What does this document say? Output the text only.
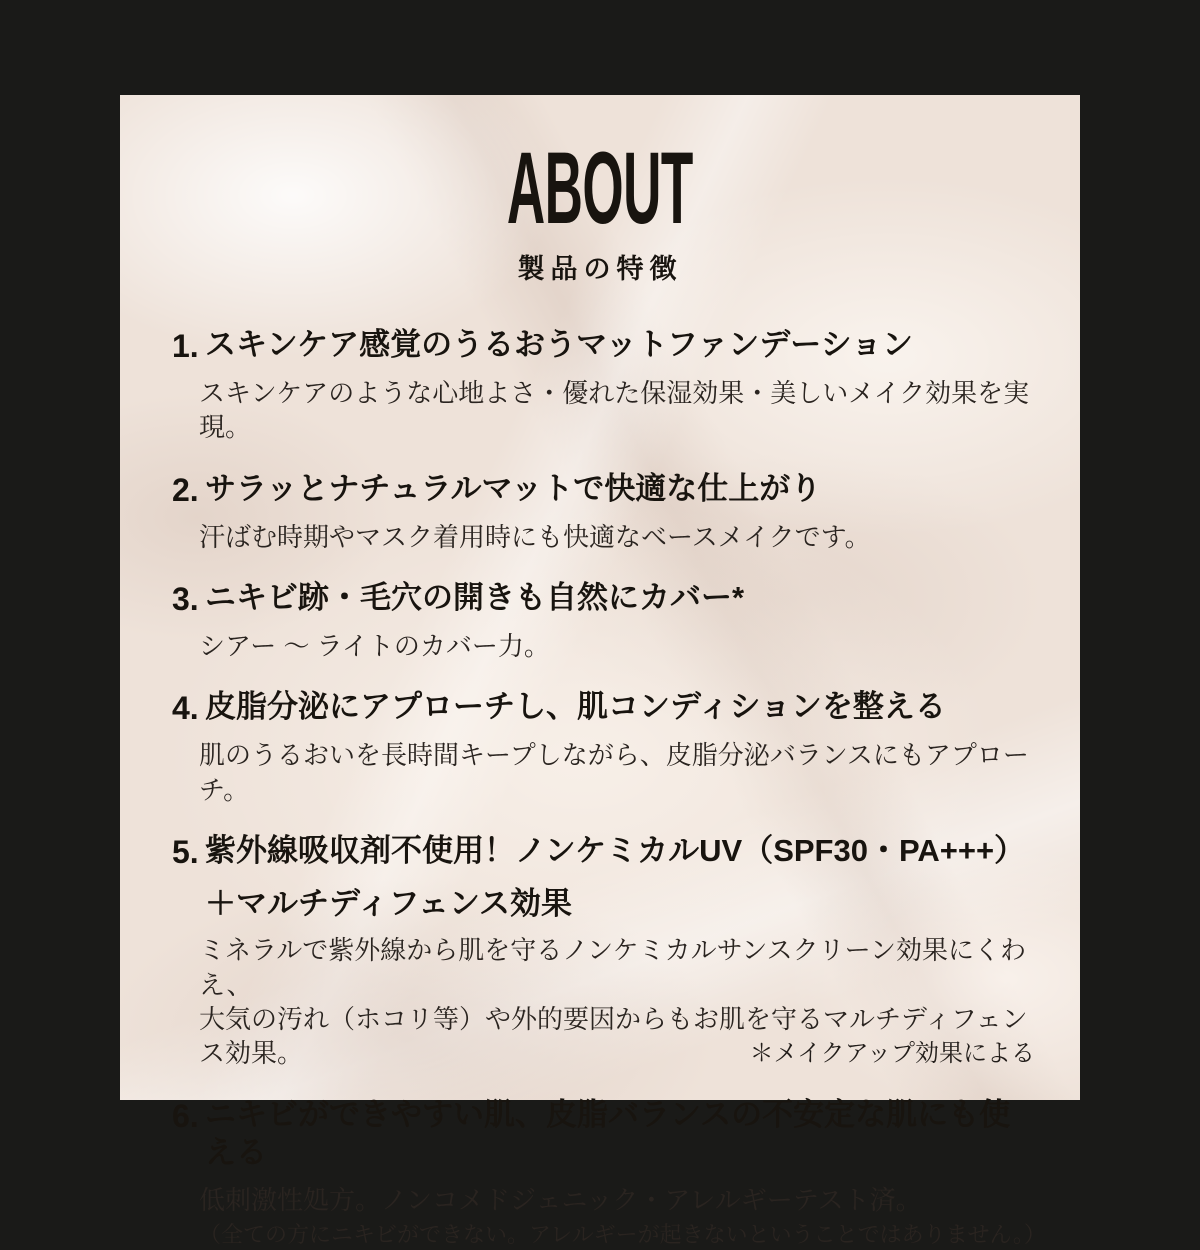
ABOUT
製品の特徴
1. スキンケア感覚のうるおうマットファンデーション
スキンケアのような心地よさ・優れた保湿効果・美しいメイク効果を実現。
2. サラッとナチュラルマットで快適な仕上がり
汗ばむ時期やマスク着用時にも快適なベースメイクです。
3. ニキビ跡・毛穴の開きも自然にカバー*
シアー ～ ライトのカバー力。
4. 皮脂分泌にアプローチし、肌コンディションを整える
肌のうるおいを長時間キープしながら、皮脂分泌バランスにもアプローチ。
5. 紫外線吸収剤不使用！ノンケミカルUV（SPF30・PA+++）
＋マルチディフェンス効果
ミネラルで紫外線から肌を守るノンケミカルサンスクリーン効果にくわえ、
大気の汚れ（ホコリ等）や外的要因からもお肌を守るマルチディフェンス効果。
6. ニキビができやすい肌、皮脂バランスの不安定な肌にも使える
低刺激性処方。ノンコメドジェニック・アレルギーテスト済。
（全ての方にニキビができない。アレルギーが起きないということではありません。）
＊メイクアップ効果による
